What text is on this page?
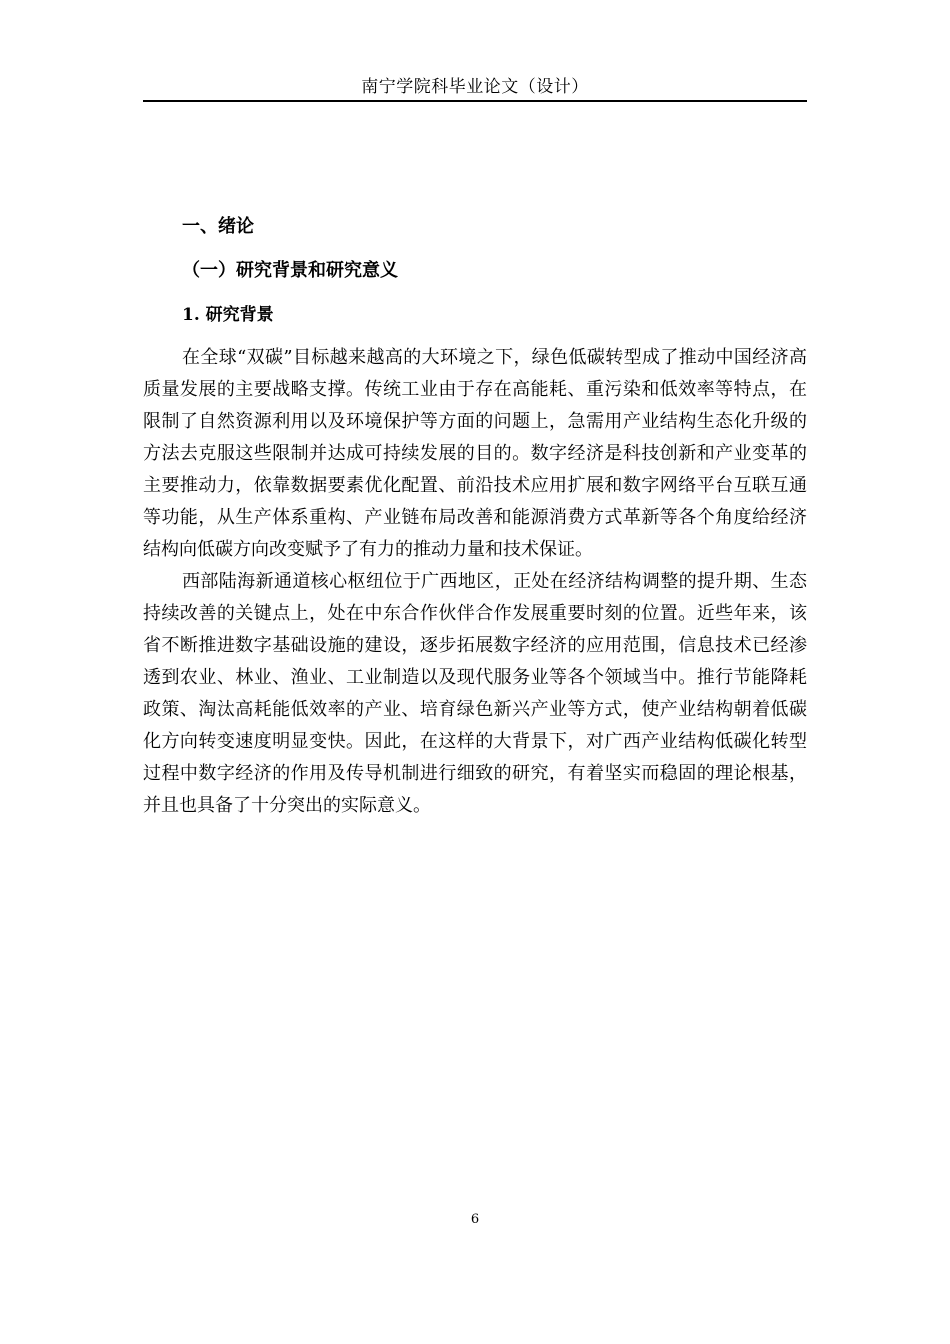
南宁学院科毕业论文（设计）
一、绪论
（一）研究背景和研究意义
1. 研究背景

在全球“双碳”目标越来越高的大环境之下，绿色低碳转型成了推动中国经济高质量发展的主要战略支撑。传统工业由于存在高能耗、重污染和低效率等特点，在限制了自然资源利用以及环境保护等方面的问题上，急需用产业结构生态化升级的方法去克服这些限制并达成可持续发展的目的。数字经济是科技创新和产业变革的主要推动力，依靠数据要素优化配置、前沿技术应用扩展和数字网络平台互联互通等功能，从生产体系重构、产业链布局改善和能源消费方式革新等各个角度给经济结构向低碳方向改变赋予了有力的推动力量和技术保证。

西部陆海新通道核心枢纽位于广西地区，正处在经济结构调整的提升期、生态持续改善的关键点上，处在中东合作伙伴合作发展重要时刻的位置。近些年来，该省不断推进数字基础设施的建设，逐步拓展数字经济的应用范围，信息技术已经渗透到农业、林业、渔业、工业制造以及现代服务业等各个领域当中。推行节能降耗政策、淘汰高耗能低效率的产业、培育绿色新兴产业等方式，使产业结构朝着低碳化方向转变速度明显变快。因此，在这样的大背景下，对广西产业结构低碳化转型过程中数字经济的作用及传导机制进行细致的研究，有着坚实而稳固的理论根基，并且也具备了十分突出的实际意义。

6
